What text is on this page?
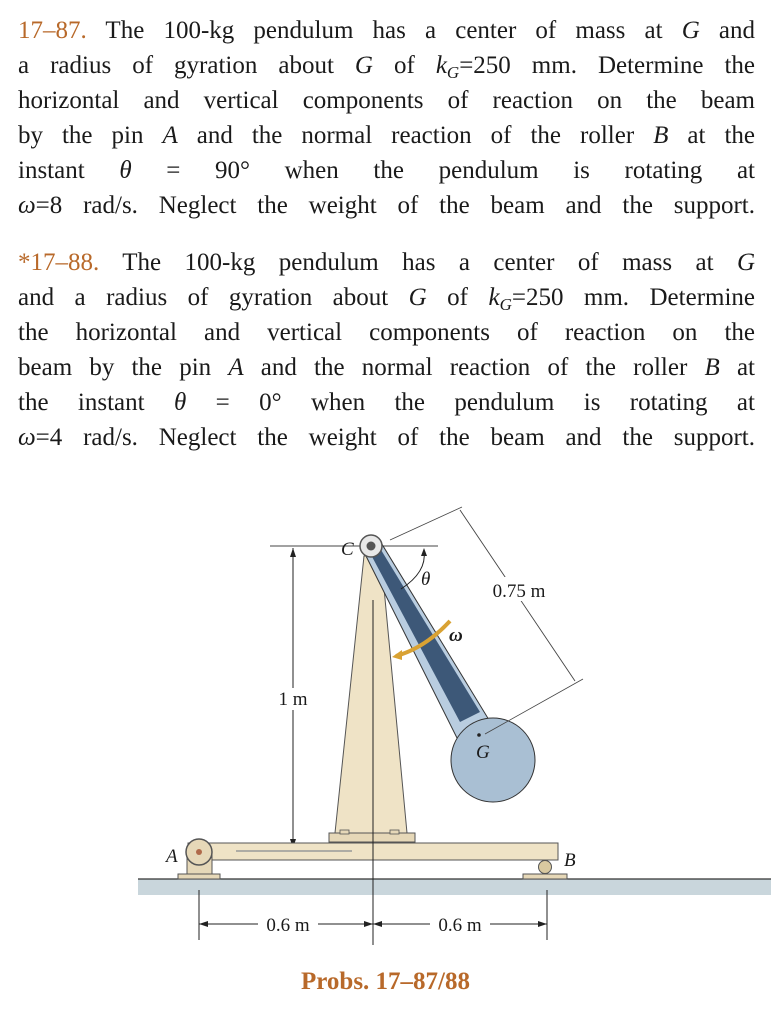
17–87. The 100-kg pendulum has a center of mass at G and
a radius of gyration about G of $k_G=250$ mm. Determine the
horizontal and vertical components of reaction on the beam
by the pin A and the normal reaction of the roller B at the
instant θ = 90° when the pendulum is rotating at
ω=8 rad/s. Neglect the weight of the beam and the support.
*17–88. The 100-kg pendulum has a center of mass at G
and a radius of gyration about G of $k_G=250$ mm. Determine
the horizontal and vertical components of reaction on the
beam by the pin A and the normal reaction of the roller B at
the instant θ = 0° when the pendulum is rotating at
ω=4 rad/s. Neglect the weight of the beam and the support.
1 m
A	B
G
C
θ
ω
0.75 m
0.6 m	0.6 m
Probs. 17–87/88
